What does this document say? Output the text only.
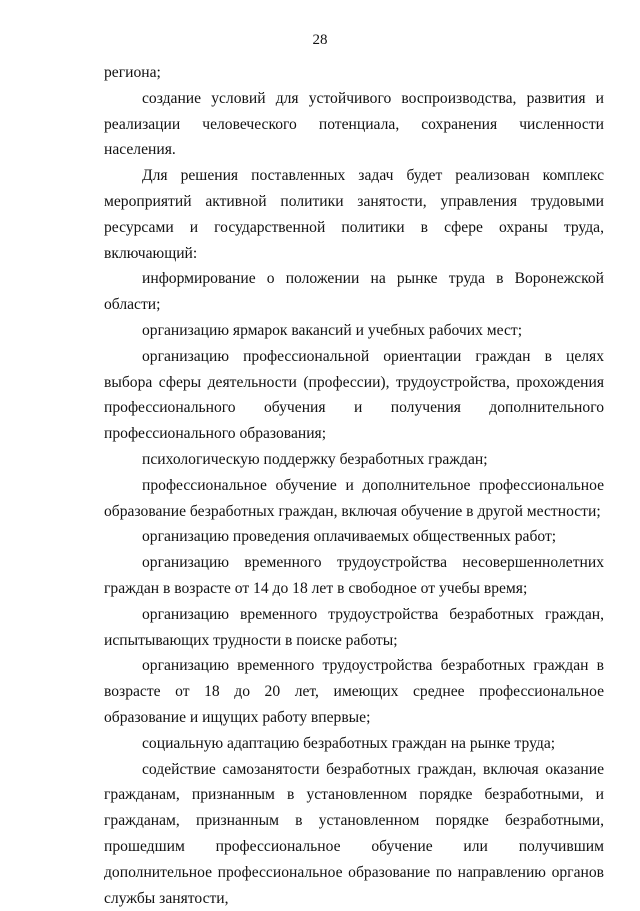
28

региона;

создание условий для устойчивого воспроизводства, развития и реализации человеческого потенциала, сохранения численности населения.

Для решения поставленных задач будет реализован комплекс мероприятий активной политики занятости, управления трудовыми ресурсами и государственной политики в сфере охраны труда, включающий:

информирование о положении на рынке труда в Воронежской области;

организацию ярмарок вакансий и учебных рабочих мест;

организацию профессиональной ориентации граждан в целях выбора сферы деятельности (профессии), трудоустройства, прохождения профессионального обучения и получения дополнительного профессионального образования;

психологическую поддержку безработных граждан;

профессиональное обучение и дополнительное профессиональное образование безработных граждан, включая обучение в другой местности;

организацию проведения оплачиваемых общественных работ;

организацию временного трудоустройства несовершеннолетних граждан в возрасте от 14 до 18 лет в свободное от учебы время;

организацию временного трудоустройства безработных граждан, испытывающих трудности в поиске работы;

организацию временного трудоустройства безработных граждан в возрасте от 18 до 20 лет, имеющих среднее профессиональное образование и ищущих работу впервые;

социальную адаптацию безработных граждан на рынке труда;

содействие самозанятости безработных граждан, включая оказание гражданам, признанным в установленном порядке безработными, и гражданам, признанным в установленном порядке безработными, прошедшим профессиональное обучение или получившим дополнительное профессиональное образование по направлению органов службы занятости,
